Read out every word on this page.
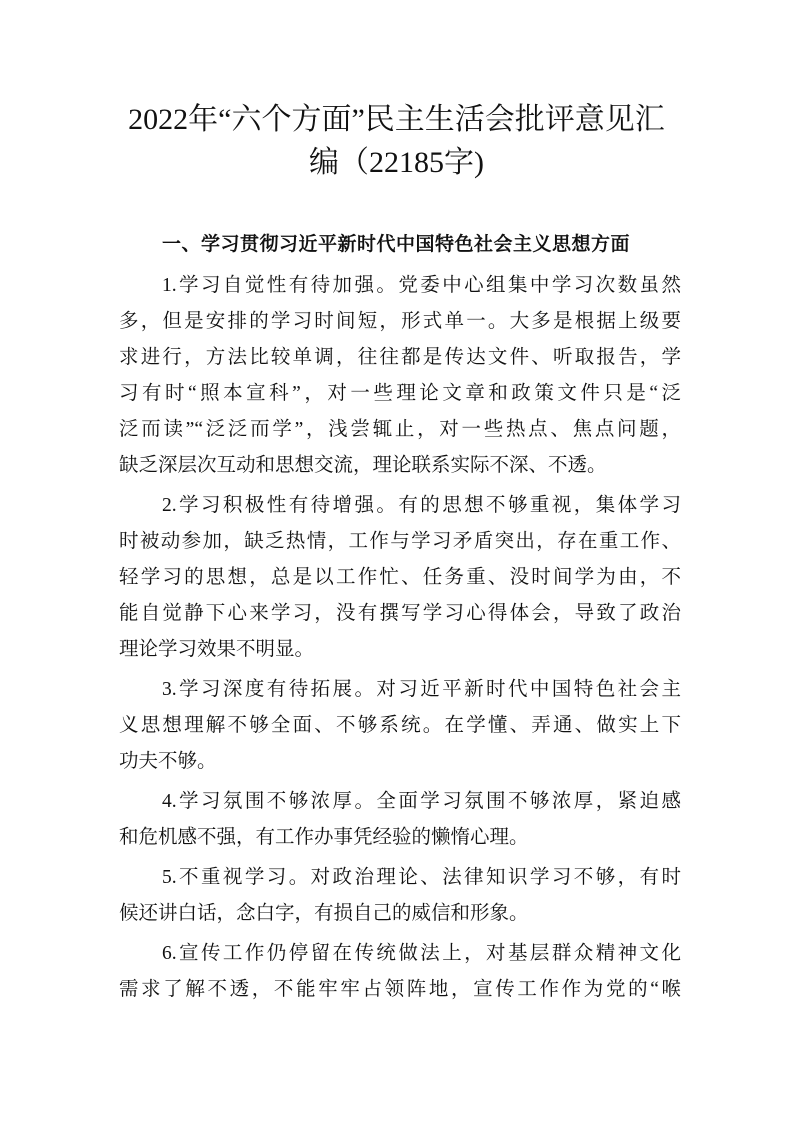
2022年“六个方面”民主生活会批评意见汇
编（22185字)
一、学习贯彻习近平新时代中国特色社会主义思想方面
1.学习自觉性有待加强。党委中心组集中学习次数虽然
多，但是安排的学习时间短，形式单一。大多是根据上级要
求进行，方法比较单调，往往都是传达文件、听取报告，学
习有时“照本宣科”，对一些理论文章和政策文件只是“泛
泛而读”“泛泛而学”，浅尝辄止，对一些热点、焦点问题，
缺乏深层次互动和思想交流，理论联系实际不深、不透。
2.学习积极性有待增强。有的思想不够重视，集体学习
时被动参加，缺乏热情，工作与学习矛盾突出，存在重工作、
轻学习的思想，总是以工作忙、任务重、没时间学为由，不
能自觉静下心来学习，没有撰写学习心得体会，导致了政治
理论学习效果不明显。
3.学习深度有待拓展。对习近平新时代中国特色社会主
义思想理解不够全面、不够系统。在学懂、弄通、做实上下
功夫不够。
4.学习氛围不够浓厚。全面学习氛围不够浓厚，紧迫感
和危机感不强，有工作办事凭经验的懒惰心理。
5.不重视学习。对政治理论、法律知识学习不够，有时
候还讲白话，念白字，有损自己的威信和形象。
6.宣传工作仍停留在传统做法上，对基层群众精神文化
需求了解不透，不能牢牢占领阵地，宣传工作作为党的“喉
